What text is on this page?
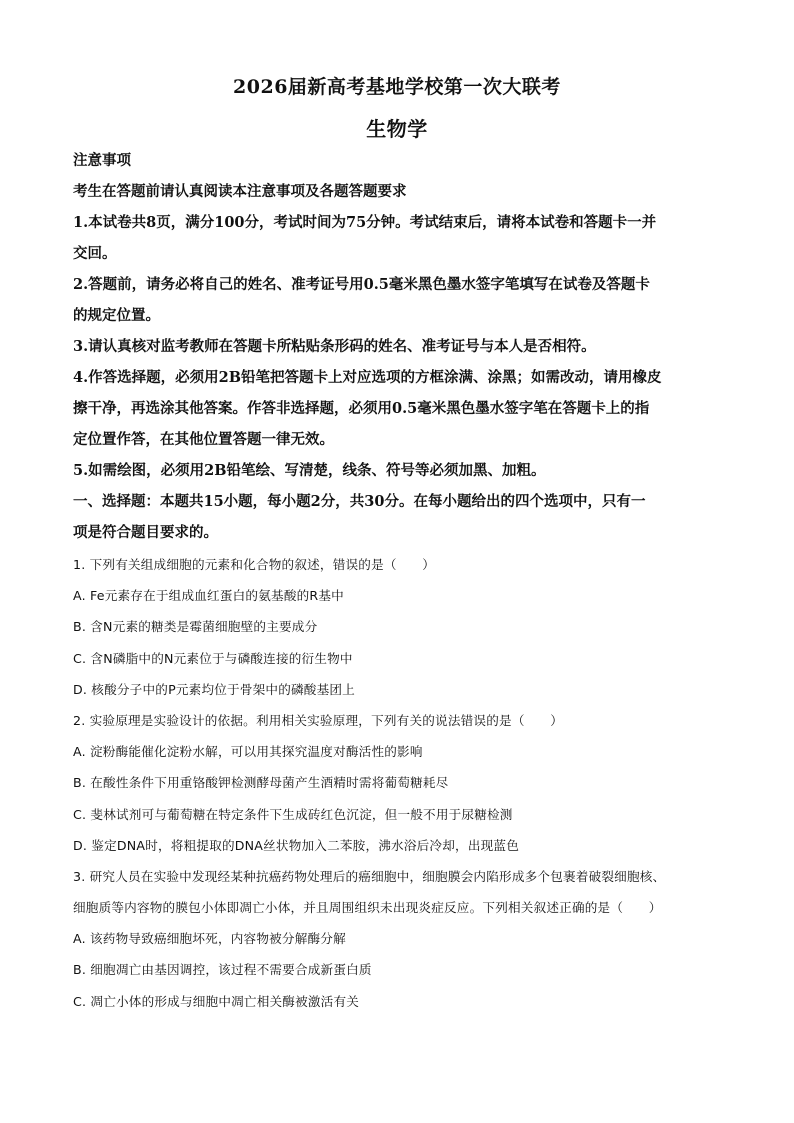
2026届新高考基地学校第一次大联考
生物学
注意事项
考生在答题前请认真阅读本注意事项及各题答题要求
1.本试卷共8页，满分100分，考试时间为75分钟。考试结束后，请将本试卷和答题卡一并
交回。
2.答题前，请务必将自己的姓名、准考证号用0.5毫米黑色墨水签字笔填写在试卷及答题卡
的规定位置。
3.请认真核对监考教师在答题卡所粘贴条形码的姓名、准考证号与本人是否相符。
4.作答选择题，必须用2B铅笔把答题卡上对应选项的方框涂满、涂黑；如需改动，请用橡皮
擦干净，再选涂其他答案。作答非选择题，必须用0.5毫米黑色墨水签字笔在答题卡上的指
定位置作答，在其他位置答题一律无效。
5.如需绘图，必须用2B铅笔绘、写清楚，线条、符号等必须加黑、加粗。
一、选择题：本题共15小题，每小题2分，共30分。在每小题给出的四个选项中，只有一
项是符合题目要求的。
1. 下列有关组成细胞的元素和化合物的叙述，错误的是（　　）
A. Fe元素存在于组成血红蛋白的氨基酸的R基中
B. 含N元素的糖类是霉菌细胞壁的主要成分
C. 含N磷脂中的N元素位于与磷酸连接的衍生物中
D. 核酸分子中的P元素均位于骨架中的磷酸基团上
2. 实验原理是实验设计的依据。利用相关实验原理，下列有关的说法错误的是（　　）
A. 淀粉酶能催化淀粉水解，可以用其探究温度对酶活性的影响
B. 在酸性条件下用重铬酸钾检测酵母菌产生酒精时需将葡萄糖耗尽
C. 斐林试剂可与葡萄糖在特定条件下生成砖红色沉淀，但一般不用于尿糖检测
D. 鉴定DNA时，将粗提取的DNA丝状物加入二苯胺，沸水浴后冷却，出现蓝色
3. 研究人员在实验中发现经某种抗癌药物处理后的癌细胞中，细胞膜会内陷形成多个包裹着破裂细胞核、
细胞质等内容物的膜包小体即凋亡小体，并且周围组织未出现炎症反应。下列相关叙述正确的是（　　）
A. 该药物导致癌细胞坏死，内容物被分解酶分解
B. 细胞凋亡由基因调控，该过程不需要合成新蛋白质
C. 凋亡小体的形成与细胞中凋亡相关酶被激活有关
